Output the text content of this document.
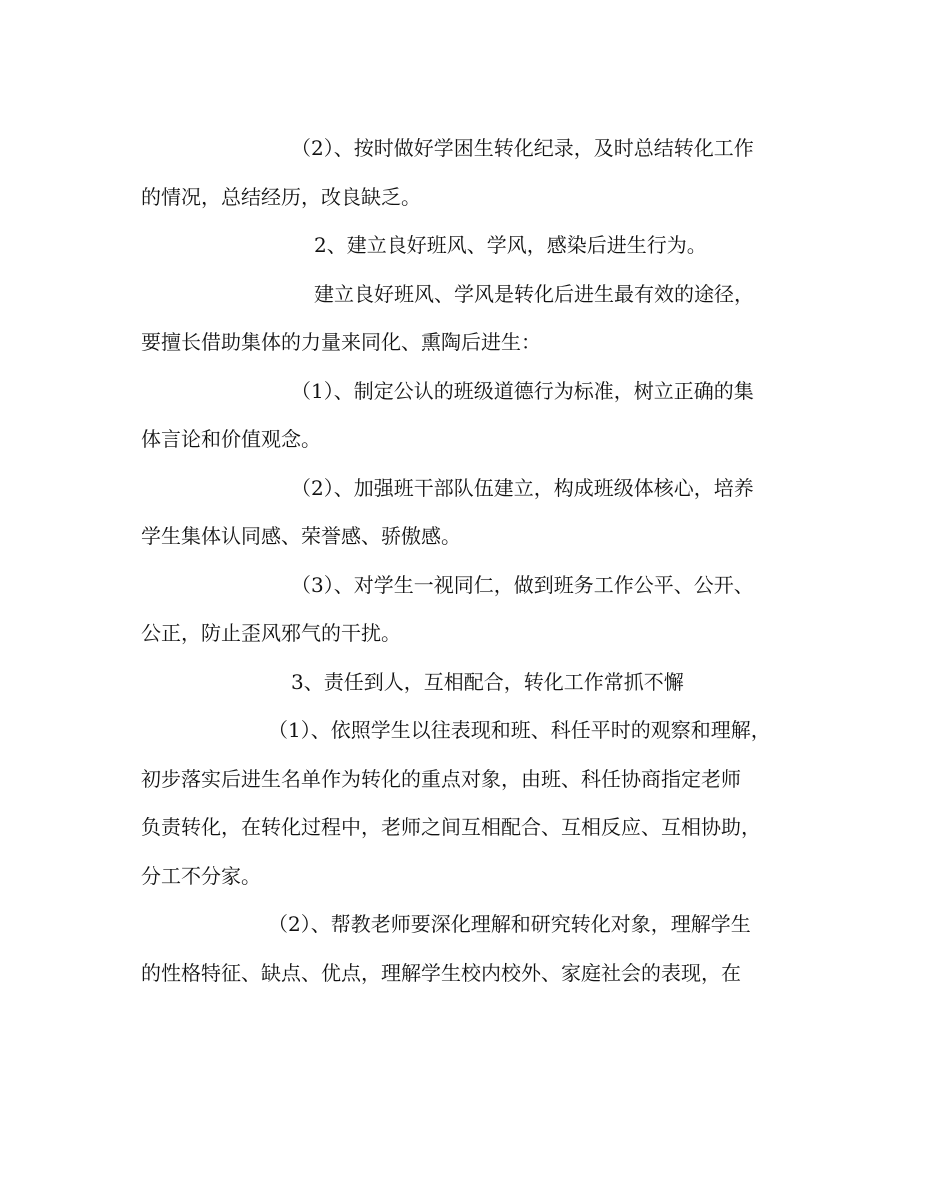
（2）、按时做好学困生转化纪录，及时总结转化工作

的情况，总结经历，改良缺乏。

2、建立良好班风、学风，感染后进生行为。

建立良好班风、学风是转化后进生最有效的途径，

要擅长借助集体的力量来同化、熏陶后进生：

（1）、制定公认的班级道德行为标准，树立正确的集

体言论和价值观念。

（2）、加强班干部队伍建立，构成班级体核心，培养

学生集体认同感、荣誉感、骄傲感。

（3）、对学生一视同仁，做到班务工作公平、公开、

公正，防止歪风邪气的干扰。

3、责任到人，互相配合，转化工作常抓不懈

（1）、依照学生以往表现和班、科任平时的观察和理解，

初步落实后进生名单作为转化的重点对象，由班、科任协商指定老师

负责转化，在转化过程中，老师之间互相配合、互相反应、互相协助，

分工不分家。

（2）、帮教老师要深化理解和研究转化对象，理解学生

的性格特征、缺点、优点，理解学生校内校外、家庭社会的表现，在
